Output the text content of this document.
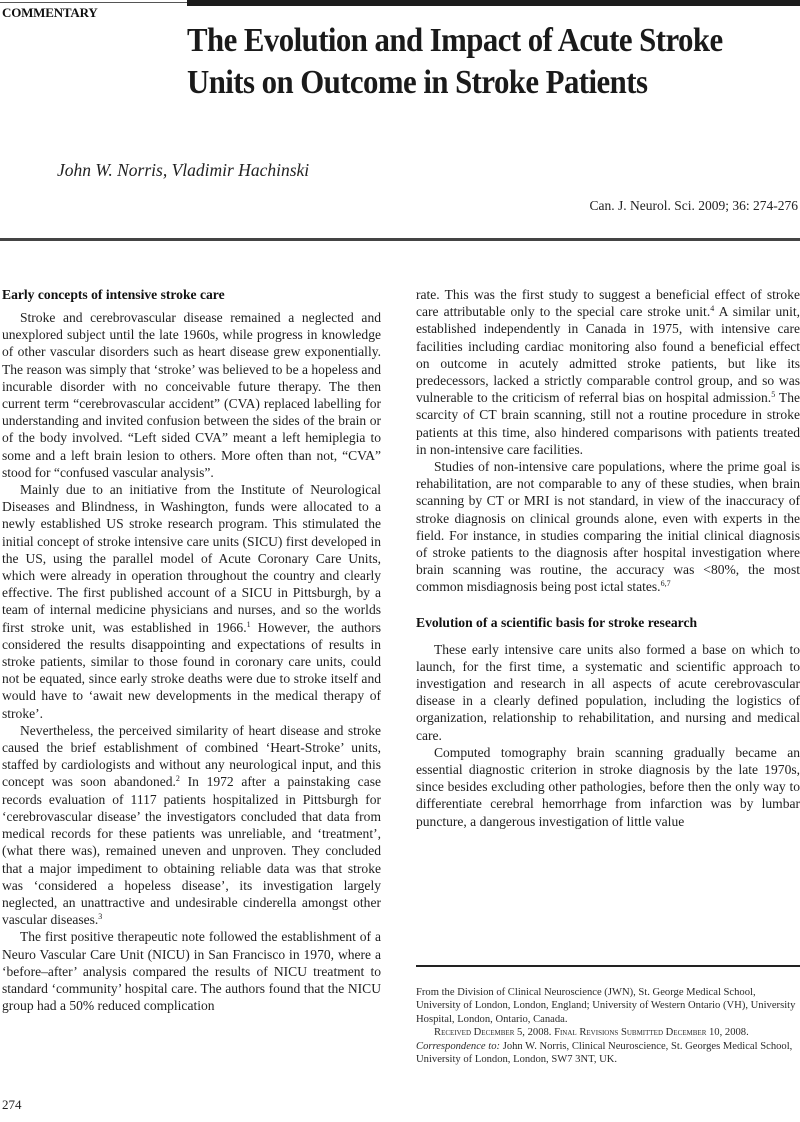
COMMENTARY
The Evolution and Impact of Acute Stroke Units on Outcome in Stroke Patients
John W. Norris, Vladimir Hachinski
Can. J. Neurol. Sci. 2009; 36: 274-276
Early concepts of intensive stroke care

Stroke and cerebrovascular disease remained a neglected and unexplored subject until the late 1960s, while progress in knowledge of other vascular disorders such as heart disease grew exponentially. The reason was simply that ‘stroke’ was believed to be a hopeless and incurable disorder with no conceivable future therapy. The then current term “cerebrovascular accident” (CVA) replaced labelling for understanding and invited confusion between the sides of the brain or of the body involved. “Left sided CVA” meant a left hemiplegia to some and a left brain lesion to others. More often than not, “CVA” stood for “confused vascular analysis”.

Mainly due to an initiative from the Institute of Neurological Diseases and Blindness, in Washington, funds were allocated to a newly established US stroke research program. This stimulated the initial concept of stroke intensive care units (SICU) first developed in the US, using the parallel model of Acute Coronary Care Units, which were already in operation throughout the country and clearly effective. The first published account of a SICU in Pittsburgh, by a team of internal medicine physicians and nurses, and so the worlds first stroke unit, was established in 1966.$^1$ However, the authors considered the results disappointing and expectations of results in stroke patients, similar to those found in coronary care units, could not be equated, since early stroke deaths were due to stroke itself and would have to ‘await new developments in the medical therapy of stroke’.

Nevertheless, the perceived similarity of heart disease and stroke caused the brief establishment of combined ‘Heart-Stroke’ units, staffed by cardiologists and without any neurological input, and this concept was soon abandoned.$^2$ In 1972 after a painstaking case records evaluation of 1117 patients hospitalized in Pittsburgh for ‘cerebrovascular disease’ the investigators concluded that data from medical records for these patients was unreliable, and ‘treatment’, (what there was), remained uneven and unproven. They concluded that a major impediment to obtaining reliable data was that stroke was ‘considered a hopeless disease’, its investigation largely neglected, an unattractive and undesirable cinderella amongst other vascular diseases.$^3$

The first positive therapeutic note followed the establishment of a Neuro Vascular Care Unit (NICU) in San Francisco in 1970, where a ‘before–after’ analysis compared the results of NICU treatment to standard ‘community’ hospital care. The authors found that the NICU group had a 50% reduced complication

rate. This was the first study to suggest a beneficial effect of stroke care attributable only to the special care stroke unit.$^4$ A similar unit, established independently in Canada in 1975, with intensive care facilities including cardiac monitoring also found a beneficial effect on outcome in acutely admitted stroke patients, but like its predecessors, lacked a strictly comparable control group, and so was vulnerable to the criticism of referral bias on hospital admission.$^5$ The scarcity of CT brain scanning, still not a routine procedure in stroke patients at this time, also hindered comparisons with patients treated in non-intensive care facilities.

Studies of non-intensive care populations, where the prime goal is rehabilitation, are not comparable to any of these studies, when brain scanning by CT or MRI is not standard, in view of the inaccuracy of stroke diagnosis on clinical grounds alone, even with experts in the field. For instance, in studies comparing the initial clinical diagnosis of stroke patients to the diagnosis after hospital investigation where brain scanning was routine, the accuracy was <80%, the most common misdiagnosis being post ictal states.$^{6,7}$

Evolution of a scientific basis for stroke research

These early intensive care units also formed a base on which to launch, for the first time, a systematic and scientific approach to investigation and research in all aspects of acute cerebrovascular disease in a clearly defined population, including the logistics of organization, relationship to rehabilitation, and nursing and medical care.

Computed tomography brain scanning gradually became an essential diagnostic criterion in stroke diagnosis by the late 1970s, since besides excluding other pathologies, before then the only way to differentiate cerebral hemorrhage from infarction was by lumbar puncture, a dangerous investigation of little value

From the Division of Clinical Neuroscience (JWN), St. George Medical School, University of London, London, England; University of Western Ontario (VH), University Hospital, London, Ontario, Canada.

Received December 5, 2008. Final Revisions Submitted December 10, 2008.

Correspondence to: John W. Norris, Clinical Neuroscience, St. Georges Medical School, University of London, London, SW7 3NT, UK.

274
